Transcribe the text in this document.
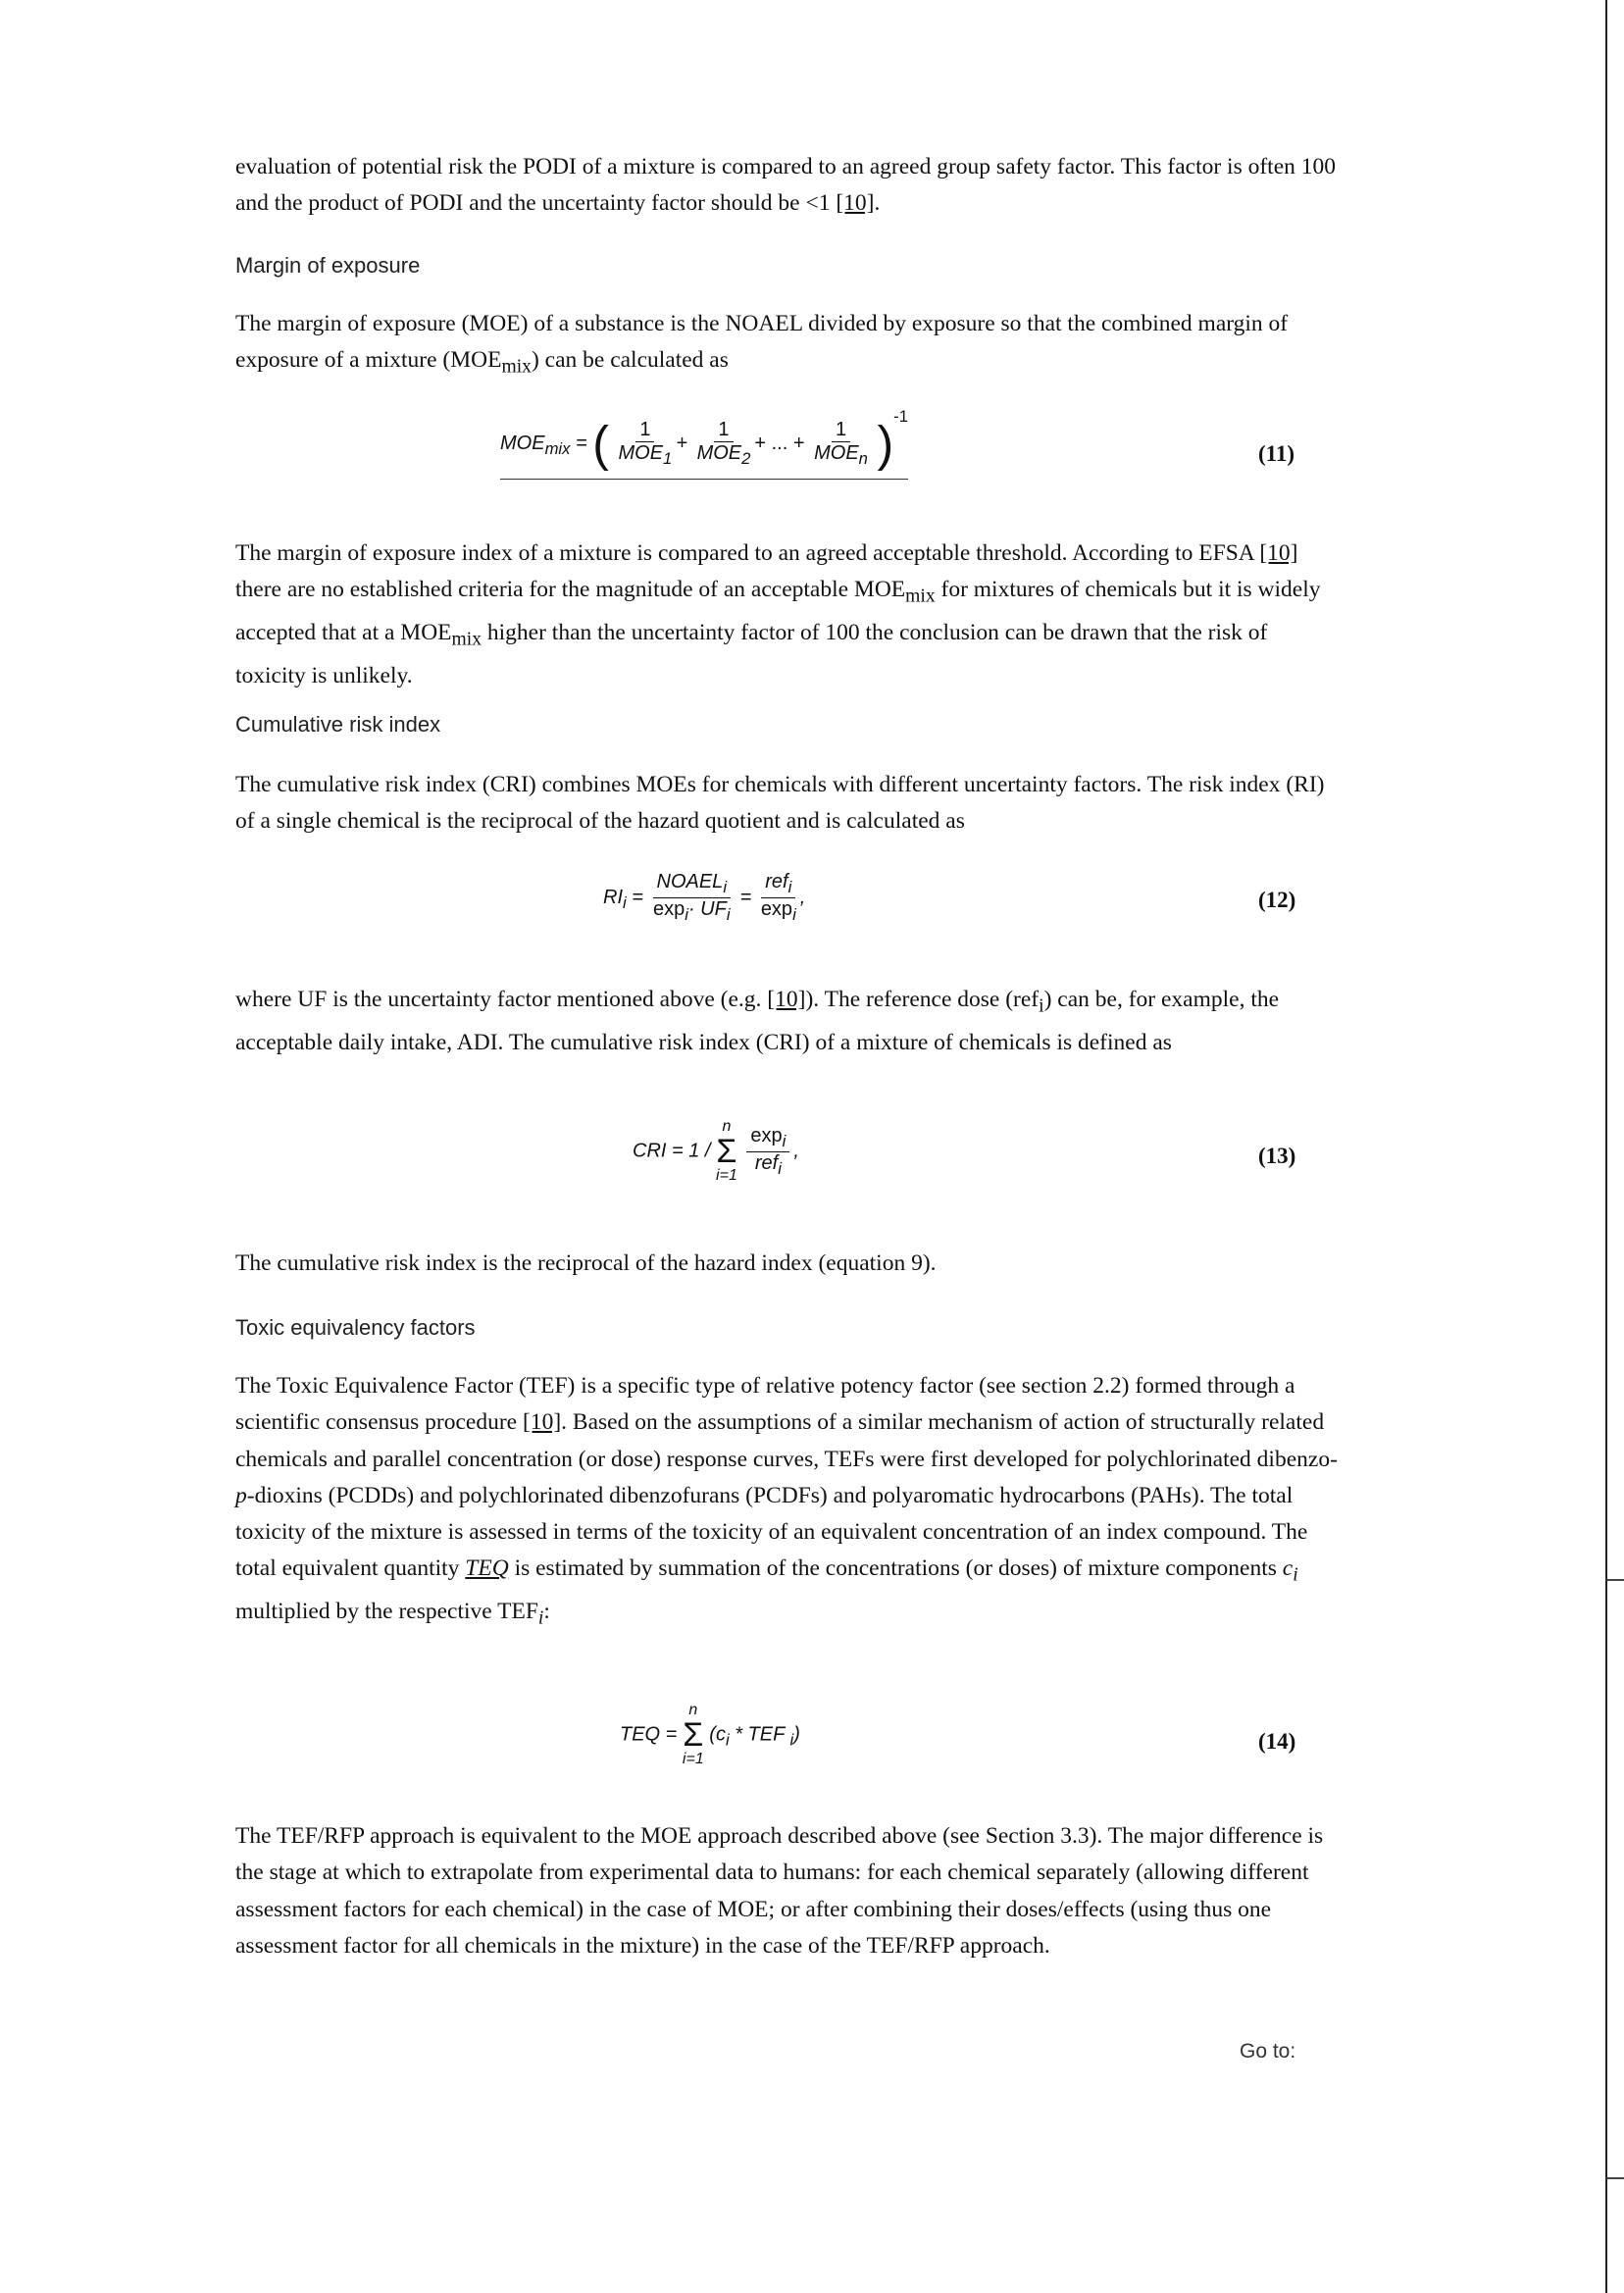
evaluation of potential risk the PODI of a mixture is compared to an agreed group safety factor. This factor is often 100 and the product of PODI and the uncertainty factor should be <1 [10].
Margin of exposure
The margin of exposure (MOE) of a substance is the NOAEL divided by exposure so that the combined margin of exposure of a mixture $(MOE_{mix})$ can be calculated as
$MOE_{mix}$ = ( $\frac{1}{MOE_1} + \frac{1}{MOE_2}$ + ... + $\frac{1}{MOE_n} )^{-1}$
(11)
The margin of exposure index of a mixture is compared to an agreed acceptable threshold. According to EFSA [10] there are no established criteria for the magnitude of an acceptable $MOE_{mix}$ for mixtures of chemicals but it is widely accepted that at a $MOE_{mix}$ higher than the uncertainty factor of 100 the conclusion can be drawn that the risk of toxicity is unlikely.
Cumulative risk index
The cumulative risk index (CRI) combines MOEs for chemicals with different uncertainty factors. The risk index (RI) of a single chemical is the reciprocal of the hazard quotient and is calculated as
$RI_i = \frac{NOAEL_i}{\exp_i\cdot UF_i} = \frac{ref_i}{\exp_i}$ ,	(12)
where UF is the uncertainty factor mentioned above (e.g. [10]). The reference dose (ref$_i$) can be, for example, the acceptable daily intake, ADI. The cumulative risk index (CRI) of a mixture of chemicals is defined as
CRI = 1 /
n
Σ
i=1
$\frac{\exp_i}{ref_i}$ ,	(13)
The cumulative risk index is the reciprocal of the hazard index (equation 9).
Toxic equivalency factors
The Toxic Equivalence Factor (TEF) is a specific type of relative potency factor (see section 2.2) formed through a scientific consensus procedure [10]. Based on the assumptions of a similar mechanism of action of structurally related chemicals and parallel concentration (or dose) response curves, TEFs were first developed for polychlorinated dibenzo-p-dioxins (PCDDs) and polychlorinated dibenzofurans (PCDFs) and polyaromatic hydrocarbons (PAHs). The total toxicity of the mixture is assessed in terms of the toxicity of an equivalent concentration of an index compound. The total equivalent quantity TEQ is estimated by summation of the concentrations (or doses) of mixture components $c_i$ multiplied by the respective $TEF_i$:
TEQ =
n
Σ
i=1
($c_i$ * TEF $_i$)	(14)
The TEF/RFP approach is equivalent to the MOE approach described above (see Section 3.3). The major difference is the stage at which to extrapolate from experimental data to humans: for each chemical separately (allowing different assessment factors for each chemical) in the case of MOE; or after combining their doses/effects (using thus one assessment factor for all chemicals in the mixture) in the case of the TEF/RFP approach.
Go to:
